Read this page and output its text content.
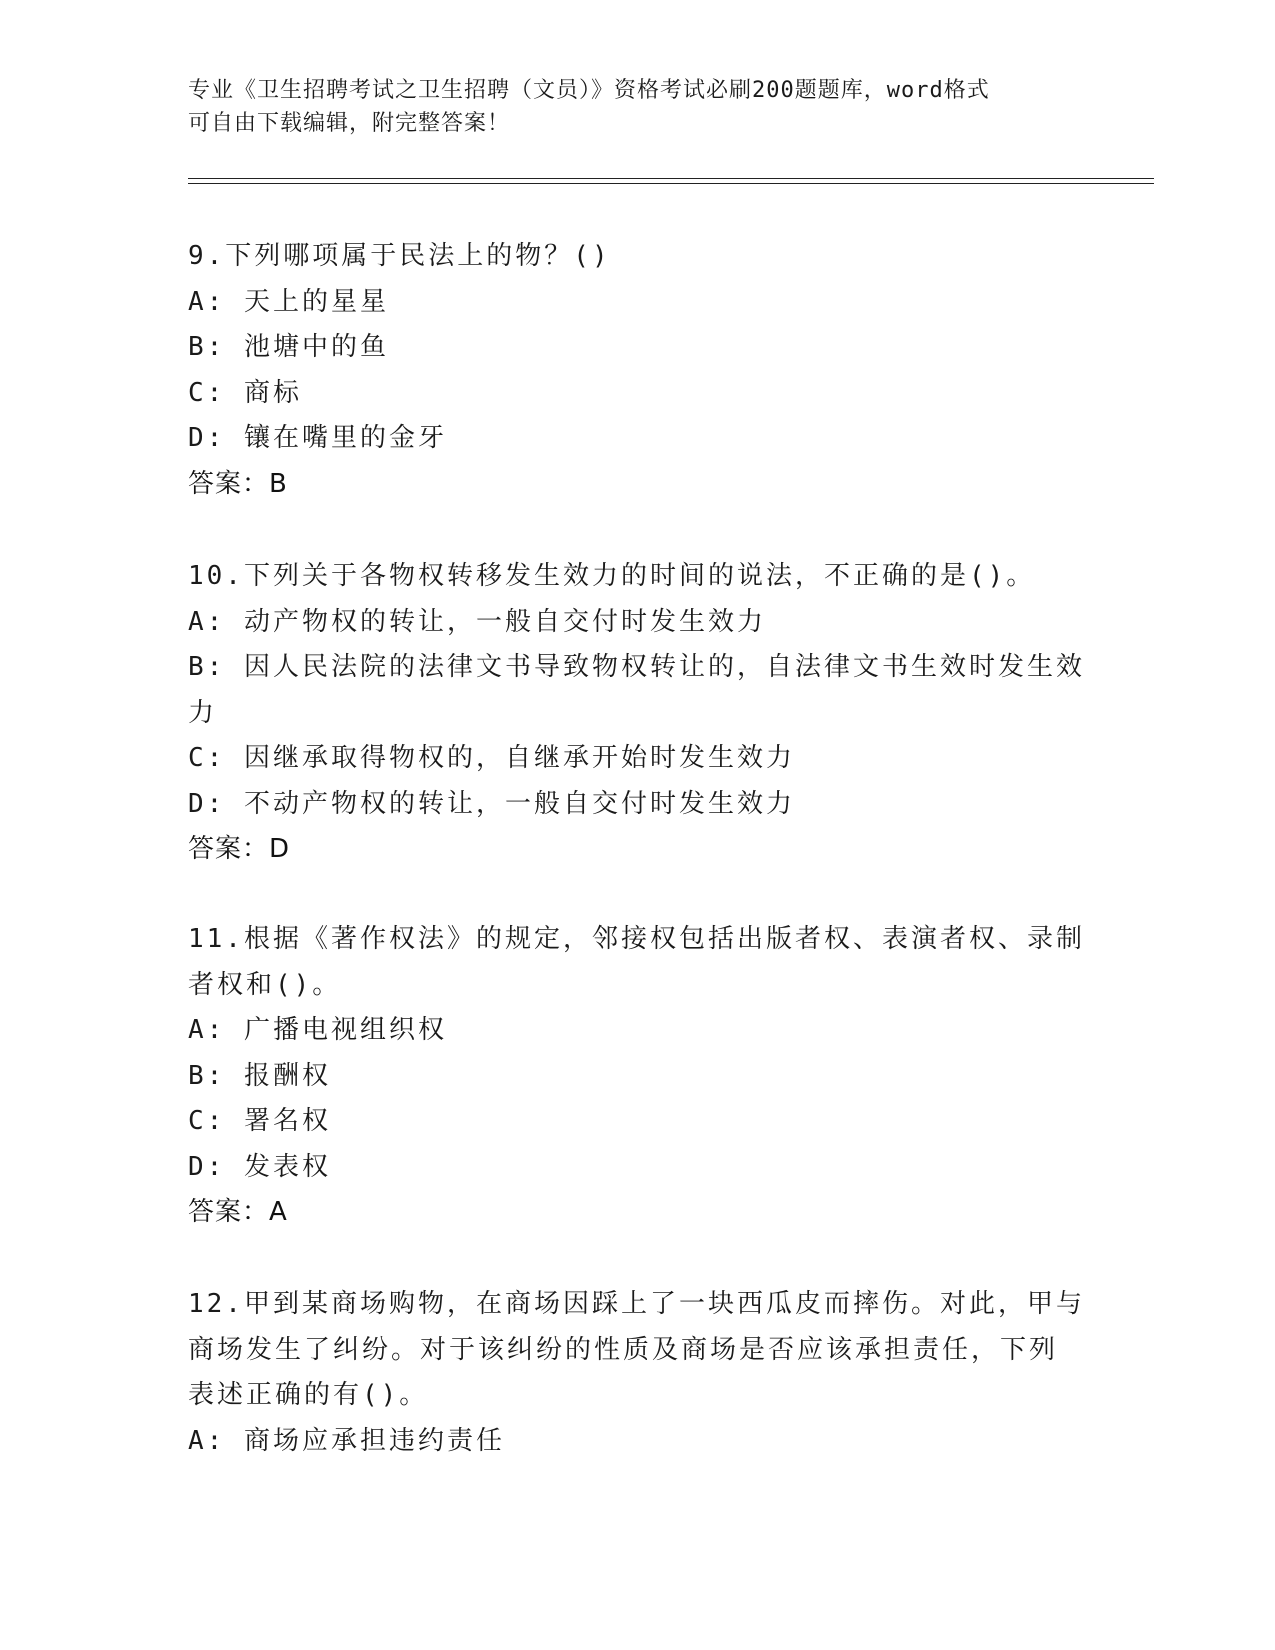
专业《卫生招聘考试之卫生招聘（文员）》资格考试必刷200题题库，word格式
可自由下载编辑，附完整答案！
9.下列哪项属于民法上的物？()
A: 天上的星星
B: 池塘中的鱼
C: 商标
D: 镶在嘴里的金牙
答案：B
10.下列关于各物权转移发生效力的时间的说法，不正确的是()。
A: 动产物权的转让，一般自交付时发生效力
B: 因人民法院的法律文书导致物权转让的，自法律文书生效时发生效
力
C: 因继承取得物权的，自继承开始时发生效力
D: 不动产物权的转让，一般自交付时发生效力
答案：D
11.根据《著作权法》的规定，邻接权包括出版者权、表演者权、录制
者权和()。
A: 广播电视组织权
B: 报酬权
C: 署名权
D: 发表权
答案：A
12.甲到某商场购物，在商场因踩上了一块西瓜皮而摔伤。对此，甲与
商场发生了纠纷。对于该纠纷的性质及商场是否应该承担责任，下列
表述正确的有()。
A: 商场应承担违约责任
